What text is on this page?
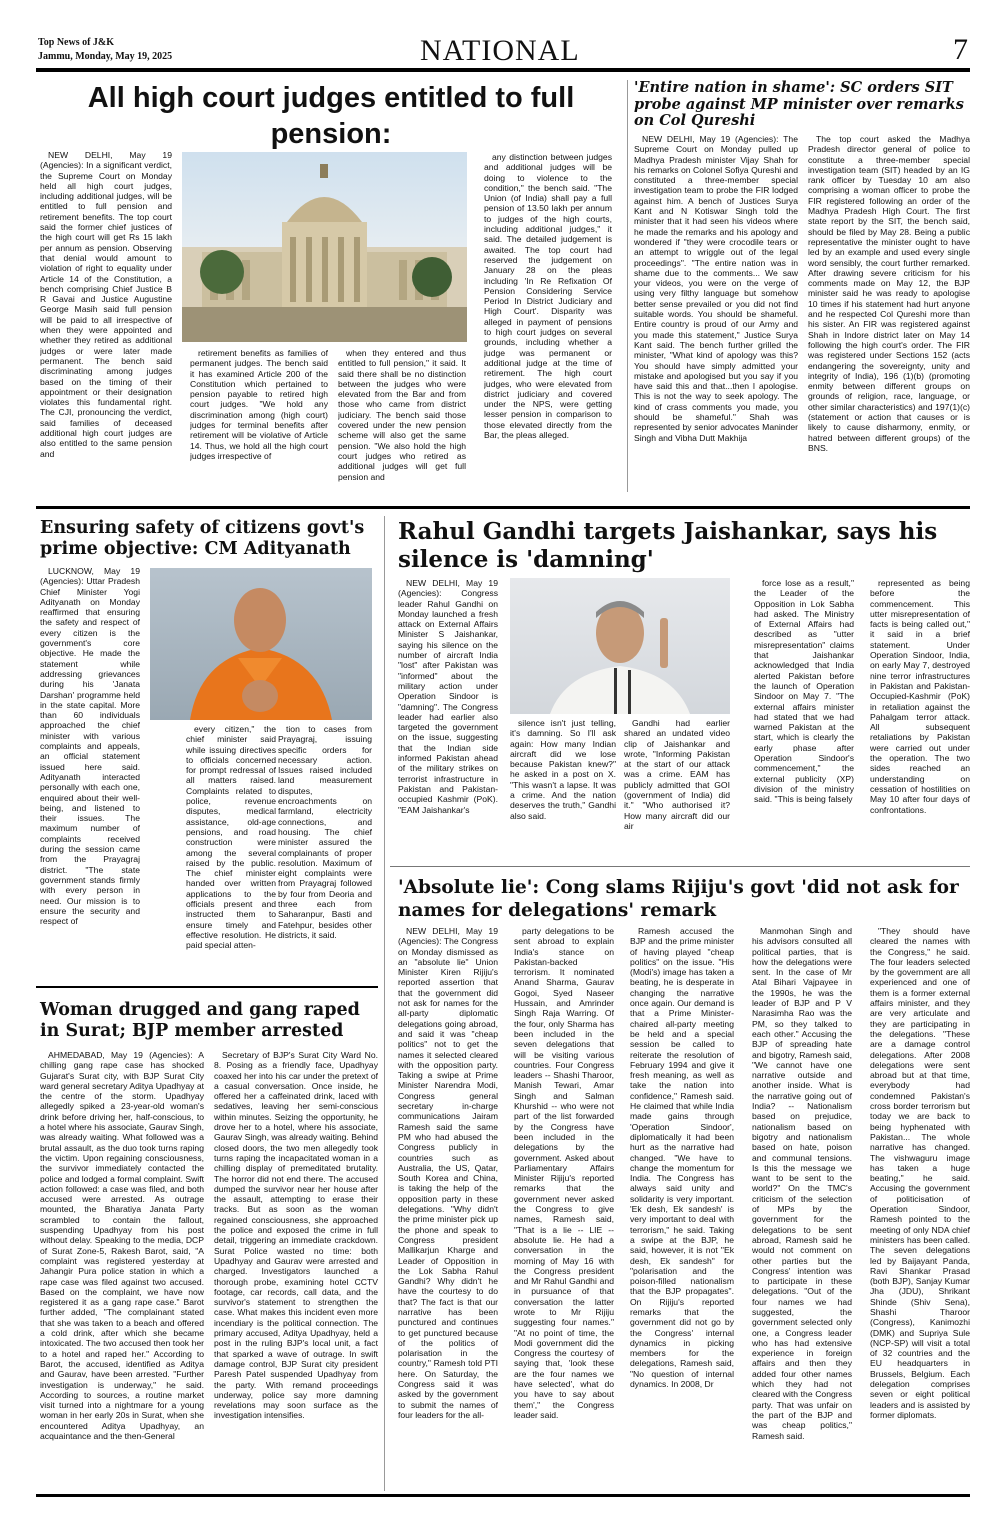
Top News of J&K
Jammu, Monday, May 19, 2025	NATIONAL	7
All high court judges entitled to full pension:

NEW DELHI, May 19 (Agencies): In a significant verdict, the Supreme Court on Monday held all high court judges, including additional judges, will be entitled to full pension and retirement benefits. The top court said the former chief justices of the high court will get Rs 15 lakh per annum as pension. Observing that denial would amount to violation of right to equality under Article 14 of the Constitution, a bench comprising Chief Justice B R Gavai and Justice Augustine George Masih said full pension will be paid to all irrespective of when they were appointed and whether they retired as additional judges or were later made permanent. The bench said discriminating among judges based on the timing of their appointment or their designation violates this fundamental right. The CJI, pronouncing the verdict, said families of deceased additional high court judges are also entitled to the same pension and

retirement benefits as families of permanent judges. The bench said it has examined Article 200 of the Constitution which pertained to pension payable to retired high court judges. "We hold any discrimination among (high court) judges for terminal benefits after retirement will be violative of Article 14. Thus, we hold all the high court judges irrespective of

when they entered and thus entitled to full pension," it said. It said there shall be no distinction between the judges who were elevated from the Bar and from those who came from district judiciary. The bench said those covered under the new pension scheme will also get the same pension. "We also hold the high court judges who retired as additional judges will get full pension and

any distinction between judges and additional judges will be doing to violence to the condition," the bench said. "The Union (of India) shall pay a full pension of 13.50 lakh per annum to judges of the high courts, including additional judges," it said. The detailed judgement is awaited. The top court had reserved the judgement on January 28 on the pleas including 'In Re Refixation Of Pension Considering Service Period In District Judiciary and High Court'. Disparity was alleged in payment of pensions to high court judges on several grounds, including whether a judge was permanent or additional judge at the time of retirement. The high court judges, who were elevated from district judiciary and covered under the NPS, were getting lesser pension in comparison to those elevated directly from the Bar, the pleas alleged.

'Entire nation in shame': SC orders SIT probe against MP minister over remarks on Col Qureshi

NEW DELHI, May 19 (Agencies): The Supreme Court on Monday pulled up Madhya Pradesh minister Vijay Shah for his remarks on Colonel Sofiya Qureshi and constituted a three-member special investigation team to probe the FIR lodged against him. A bench of Justices Surya Kant and N Kotiswar Singh told the minister that it had seen his videos where he made the remarks and his apology and wondered if "they were crocodile tears or an attempt to wriggle out of the legal proceedings". "The entire nation was in shame due to the comments... We saw your videos, you were on the verge of using very filthy language but somehow better sense prevailed or you did not find suitable words. You should be shameful. Entire country is proud of our Army and you made this statement," Justice Surya Kant said. The bench further grilled the minister, "What kind of apology was this? You should have simply admitted your mistake and apologised but you say if you have said this and that...then I apologise. This is not the way to seek apology. The kind of crass comments you made, you should be shameful." Shah was represented by senior advocates Maninder Singh and Vibha Dutt Makhija

The top court asked the Madhya Pradesh director general of police to constitute a three-member special investigation team (SIT) headed by an IG rank officer by Tuesday 10 am also comprising a woman officer to probe the FIR registered following an order of the Madhya Pradesh High Court. The first state report by the SIT, the bench said, should be filed by May 28. Being a public representative the minister ought to have led by an example and used every single word sensibly, the court further remarked. After drawing severe criticism for his comments made on May 12, the BJP minister said he was ready to apologise 10 times if his statement had hurt anyone and he respected Col Qureshi more than his sister. An FIR was registered against Shah in Indore district later on May 14 following the high court's order. The FIR was registered under Sections 152 (acts endangering the sovereignty, unity and integrity of India), 196 (1)(b) (promoting enmity between different groups on grounds of religion, race, language, or other similar characteristics) and 197(1)(c) (statement or action that causes or is likely to cause disharmony, enmity, or hatred between different groups) of the BNS.

Ensuring safety of citizens govt's prime objective: CM Adityanath

LUCKNOW, May 19 (Agencies): Uttar Pradesh Chief Minister Yogi Adityanath on Monday reaffirmed that ensuring the safety and respect of every citizen is the government's core objective. He made the statement while addressing grievances during his 'Janata Darshan' programme held in the state capital. More than 60 individuals approached the chief minister with various complaints and appeals, an official statement issued here said. Adityanath interacted personally with each one, enquired about their well-being, and listened to their issues. The maximum number of complaints received during the session came from the Prayagraj district. "The state government stands firmly with every person in need. Our mission is to ensure the security and respect of

every citizen," the chief minister said while issuing directives to officials concerned for prompt redressal of all matters raised. Complaints related to police, revenue disputes, medical assistance, old-age pensions, and road construction were among the several raised by the public. The chief minister handed over written applications to the officials present and instructed them to ensure timely and effective resolution. He paid special atten-

tion to cases from Prayagraj, issuing specific orders for necessary action. Issues raised included land measurement disputes, encroachments on farmland, electricity connections, and housing. The chief minister assured the complainants of proper resolution. Maximum of eight complaints were from Prayagraj followed by four from Deoria and three each from Saharanpur, Basti and Fatehpur, besides other districts, it said.

Rahul Gandhi targets Jaishankar, says his silence is 'damning'

NEW DELHI, May 19 (Agencies): Congress leader Rahul Gandhi on Monday launched a fresh attack on External Affairs Minister S Jaishankar, saying his silence on the number of aircraft India "lost" after Pakistan was "informed" about the military action under Operation Sindoor is "damning". The Congress leader had earlier also targeted the government on the issue, suggesting that the Indian side informed Pakistan ahead of the military strikes on terrorist infrastructure in Pakistan and Pakistan-occupied Kashmir (PoK). "EAM Jaishankar's

silence isn't just telling, it's damning. So I'll ask again: How many Indian aircraft did we lose because Pakistan knew?" he asked in a post on X. "This wasn't a lapse. It was a crime. And the nation deserves the truth," Gandhi also said.

Gandhi had earlier shared an undated video clip of Jaishankar and wrote, "Informing Pakistan at the start of our attack was a crime. EAM has publicly admitted that GOI (government of India) did it." "Who authorised it? How many aircraft did our air

force lose as a result," the Leader of the Opposition in Lok Sabha had asked. The Ministry of External Affairs had described as "utter misrepresentation" claims that Jaishankar acknowledged that India alerted Pakistan before the launch of Operation Sindoor on May 7. "The external affairs minister had stated that we had warned Pakistan at the start, which is clearly the early phase after Operation Sindoor's commencement," the external publicity (XP) division of the ministry said. "This is being falsely

represented as being before the commencement. This utter misrepresentation of facts is being called out," it said in a brief statement. Under Operation Sindoor, India, on early May 7, destroyed nine terror infrastructures in Pakistan and Pakistan-Occupied-Kashmir (PoK) in retaliation against the Pahalgam terror attack. All subsequent retaliations by Pakistan were carried out under the operation. The two sides reached an understanding on cessation of hostilities on May 10 after four days of confrontations.

'Absolute lie': Cong slams Rijiju's govt 'did not ask for names for delegations' remark

NEW DELHI, May 19 (Agencies): The Congress on Monday dismissed as an "absolute lie" Union Minister Kiren Rijiju's reported assertion that that the government did not ask for names for the all-party diplomatic delegations going abroad, and said it was "cheap politics" not to get the names it selected cleared with the opposition party. Taking a swipe at Prime Minister Narendra Modi, Congress general secretary in-charge communications Jairam Ramesh said the same PM who had abused the Congress publicly in countries such as Australia, the US, Qatar, South Korea and China, is taking the help of the opposition party in these delegations. "Why didn't the prime minister pick up the phone and speak to Congress president Mallikarjun Kharge and Leader of Opposition in the Lok Sabha Rahul Gandhi? Why didn't he have the courtesy to do that? The fact is that our narrative has been punctured and continues to get punctured because of the politics of polarisation in the country," Ramesh told PTI here. On Saturday, the Congress said it was asked by the government to submit the names of four leaders for the all-

party delegations to be sent abroad to explain India's stance on Pakistan-backed terrorism. It nominated Anand Sharma, Gaurav Gogoi, Syed Naseer Hussain, and Amrinder Singh Raja Warring. Of the four, only Sharma has been included in the seven delegations that will be visiting various countries. Four Congress leaders -- Shashi Tharoor, Manish Tewari, Amar Singh and Salman Khurshid -- who were not part of the list forwarded by the Congress have been included in the delegations by the government. Asked about Parliamentary Affairs Minister Rijiju's reported remarks that the government never asked the Congress to give names, Ramesh said, "That is a lie -- LIE -- absolute lie. He had a conversation in the morning of May 16 with the Congress president and Mr Rahul Gandhi and in pursuance of that conversation the latter wrote to Mr Rijiju suggesting four names." "At no point of time, the Modi government did the Congress the courtesy of saying that, 'look these are the four names we have selected', what do you have to say about them'," the Congress leader said.

Ramesh accused the BJP and the prime minister of having played "cheap politics" on the issue. "His (Modi's) image has taken a beating, he is desperate in changing the narrative once again. Our demand is that a Prime Minister-chaired all-party meeting be held and a special session be called to reiterate the resolution of February 1994 and give it fresh meaning, as well as take the nation into confidence," Ramesh said. He claimed that while India made gains through 'Operation Sindoor', diplomatically it had been hurt as the narrative had changed. "We have to change the momentum for India. The Congress has always said unity and solidarity is very important. 'Ek desh, Ek sandesh' is very important to deal with terrorism," he said. Taking a swipe at the BJP, he said, however, it is not "Ek desh, Ek sandesh" for "polarisation and the poison-filled nationalism that the BJP propagates". On Rijiju's reported remarks that the government did not go by the Congress' internal dynamics in picking members for the delegations, Ramesh said, "No question of internal dynamics. In 2008, Dr

Manmohan Singh and his advisors consulted all political parties, that is how the delegations were sent. In the case of Mr Atal Bihari Vajpayee in the 1990s, he was the leader of BJP and P V Narasimha Rao was the PM, so they talked to each other." Accusing the BJP of spreading hate and bigotry, Ramesh said, "We cannot have one narrative outside and another inside. What is the narrative going out of India? -- Nationalism based on prejudice, nationalism based on bigotry and nationalism based on hate, poison and communal tensions. Is this the message we want to be sent to the world?" On the TMC's criticism of the selection of MPs by the government for the delegations to be sent abroad, Ramesh said he would not comment on other parties but the Congress' intention was to participate in these delegations. "Out of the four names we had suggested, the government selected only one, a Congress leader who has had extensive experience in foreign affairs and then they added four other names which they had not cleared with the Congress party. That was unfair on the part of the BJP and was cheap politics," Ramesh said.

"They should have cleared the names with the Congress," he said. The four leaders selected by the government are all experienced and one of them is a former external affairs minister, and they are very articulate and they are participating in the delegations. "These are a damage control delegations. After 2008 delegations were sent abroad but at that time, everybody had condemned Pakistan's cross border terrorism but today we are back to being hyphenated with Pakistan... The whole narrative has changed. The vishwaguru image has taken a huge beating," he said. Accusing the government of politicisation of Operation Sindoor, Ramesh pointed to the meeting of only NDA chief ministers has been called. The seven delegations led by Baijayant Panda, Ravi Shankar Prasad (both BJP), Sanjay Kumar Jha (JDU), Shrikant Shinde (Shiv Sena), Shashi Tharoor (Congress), Kanimozhi (DMK) and Supriya Sule (NCP-SP) will visit a total of 32 countries and the EU headquarters in Brussels, Belgium. Each delegation comprises seven or eight political leaders and is assisted by former diplomats.

Woman drugged and gang raped in Surat; BJP member arrested

AHMEDABAD, May 19 (Agencies): A chilling gang rape case has shocked Gujarat's Surat city, with BJP Surat City ward general secretary Aditya Upadhyay at the centre of the storm. Upadhyay allegedly spiked a 23-year-old woman's drink before driving her, half-conscious, to a hotel where his associate, Gaurav Singh, was already waiting. What followed was a brutal assault, as the duo took turns raping the victim. Upon regaining consciousness, the survivor immediately contacted the police and lodged a formal complaint. Swift action followed: a case was filed, and both accused were arrested. As outrage mounted, the Bharatiya Janata Party scrambled to contain the fallout, suspending Upadhyay from his post without delay. Speaking to the media, DCP of Surat Zone-5, Rakesh Barot, said, "A complaint was registered yesterday at Jahangir Pura police station in which a rape case was filed against two accused. Based on the complaint, we have now registered it as a gang rape case." Barot further added, "The complainant stated that she was taken to a beach and offered a cold drink, after which she became intoxicated. The two accused then took her to a hotel and raped her." According to Barot, the accused, identified as Aditya and Gaurav, have been arrested. "Further investigation is underway," he said. According to sources, a routine market visit turned into a nightmare for a young woman in her early 20s in Surat, when she encountered Aditya Upadhyay, an acquaintance and the then-General

Secretary of BJP's Surat City Ward No. 8. Posing as a friendly face, Upadhyay coaxed her into his car under the pretext of a casual conversation. Once inside, he offered her a caffeinated drink, laced with sedatives, leaving her semi-conscious within minutes. Seizing the opportunity, he drove her to a hotel, where his associate, Gaurav Singh, was already waiting. Behind closed doors, the two men allegedly took turns raping the incapacitated woman in a chilling display of premeditated brutality. The horror did not end there. The accused dumped the survivor near her house after the assault, attempting to erase their tracks. But as soon as the woman regained consciousness, she approached the police and exposed the crime in full detail, triggering an immediate crackdown. Surat Police wasted no time: both Upadhyay and Gaurav were arrested and charged. Investigators launched a thorough probe, examining hotel CCTV footage, car records, call data, and the survivor's statement to strengthen the case. What makes this incident even more incendiary is the political connection. The primary accused, Aditya Upadhyay, held a post in the ruling BJP's local unit, a fact that sparked a wave of outrage. In swift damage control, BJP Surat city president Paresh Patel suspended Upadhyay from the party. With remand proceedings underway, police say more damning revelations may soon surface as the investigation intensifies.
